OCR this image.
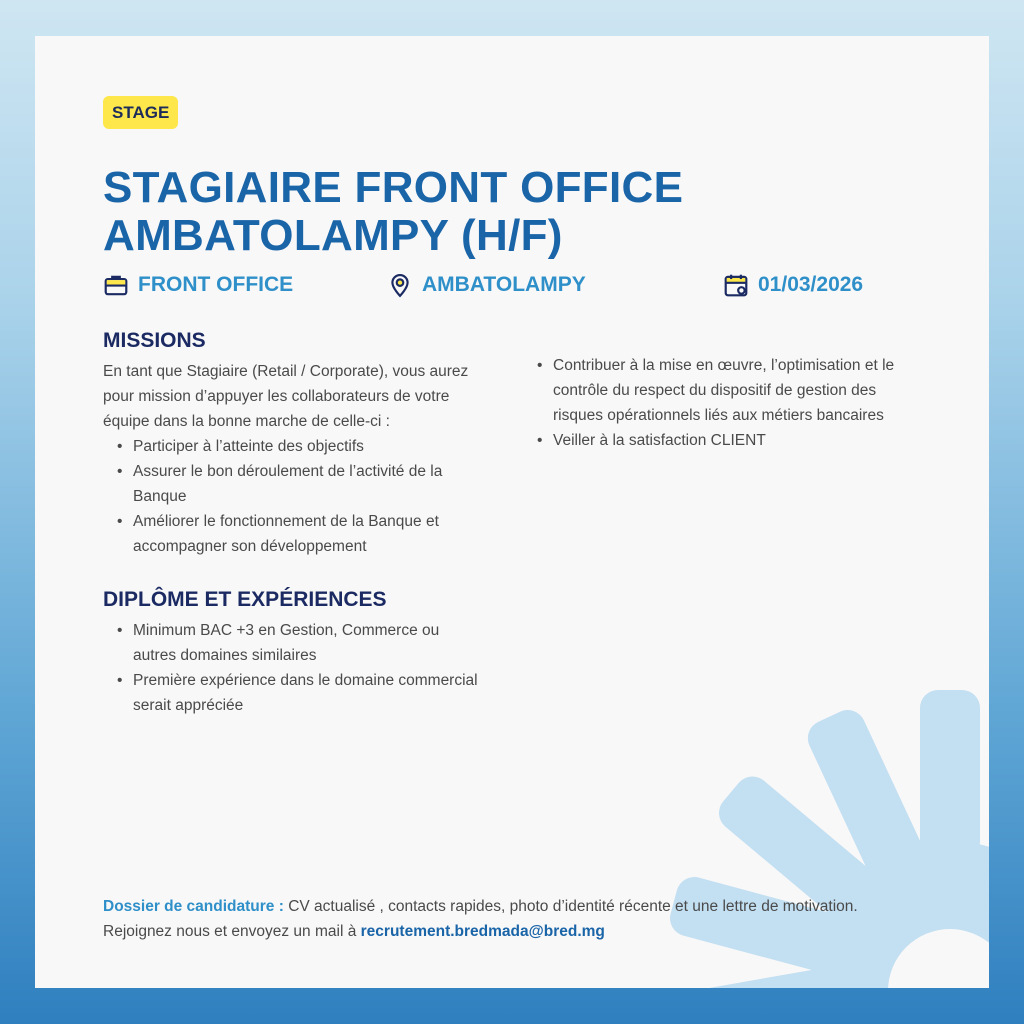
STAGE
STAGIAIRE FRONT OFFICE
AMBATOLAMPY (H/F)
FRONT OFFICE	AMBATOLAMPY	01/03/2026
MISSIONS
En tant que Stagiaire (Retail / Corporate), vous aurez pour mission d’appuyer les collaborateurs de votre équipe dans la bonne marche de celle-ci :
• Participer à l’atteinte des objectifs
• Assurer le bon déroulement de l’activité de la Banque
• Améliorer le fonctionnement de la Banque et accompagner son développement
• Contribuer à la mise en œuvre, l’optimisation et le contrôle du respect du dispositif de gestion des risques opérationnels liés aux métiers bancaires
• Veiller à la satisfaction CLIENT
DIPLÔME ET EXPÉRIENCES
• Minimum BAC +3 en Gestion, Commerce ou autres domaines similaires
• Première expérience dans le domaine commercial serait appréciée
Dossier de candidature : CV actualisé , contacts rapides, photo d’identité récente et une lettre de motivation. Rejoignez nous et envoyez un mail à recrutement.bredmada@bred.mg
